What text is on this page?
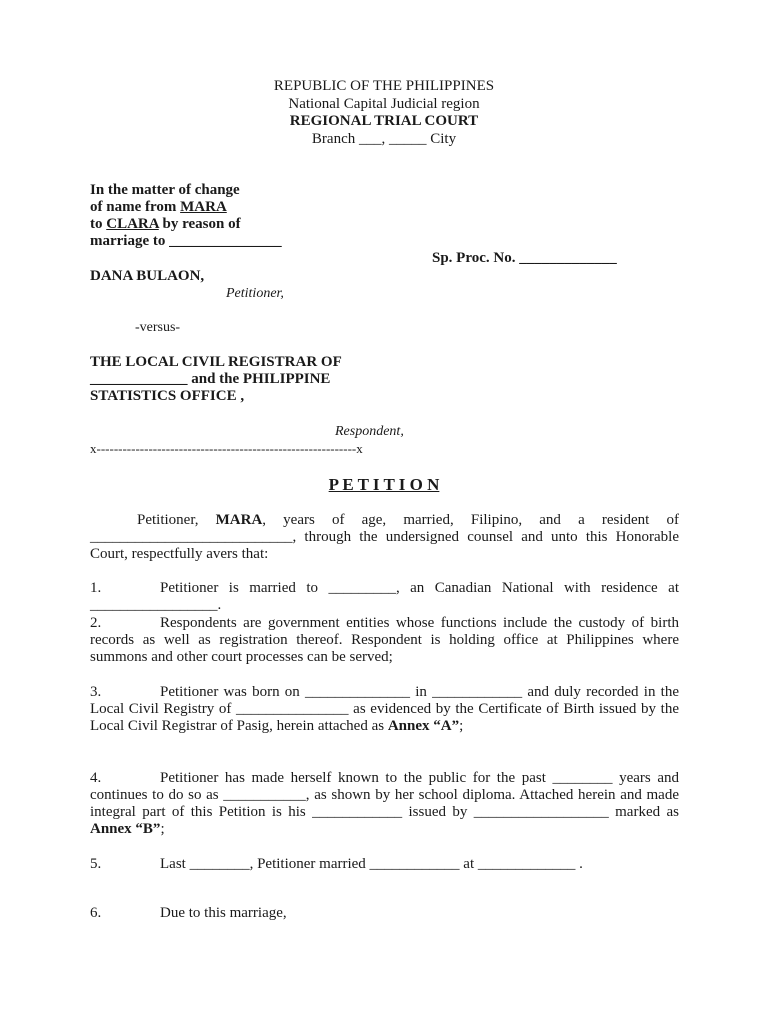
REPUBLIC OF THE PHILIPPINES
National Capital Judicial region
REGIONAL TRIAL COURT
Branch ___, _____ City
In the matter of change
of name from MARA
to CLARA by reason of
marriage to _______________
Sp. Proc. No. _____________
DANA BULAON,
Petitioner,
-versus-
THE LOCAL CIVIL REGISTRAR OF
_____________ and the PHILIPPINE
STATISTICS OFFICE ,
Respondent,
x------------------------------------------------------------x
P E T I T I O N
Petitioner, MARA, years of age, married, Filipino, and a resident of ___________________________, through the undersigned counsel and unto this Honorable Court, respectfully avers that:
1.	Petitioner is married to _________, an Canadian National with residence at _________________.
2.	Respondents are government entities whose functions include the custody of birth records as well as registration thereof. Respondent is holding office at Philippines where summons and other court processes can be served;
3.	Petitioner was born on ______________ in ____________ and duly recorded in the Local Civil Registry of _______________ as evidenced by the Certificate of Birth issued by the Local Civil Registrar of Pasig, herein attached as Annex “A”;
4.	Petitioner has made herself known to the public for the past ________ years and continues to do so as ___________, as shown by her school diploma. Attached herein and made integral part of this Petition is his ____________ issued by __________________ marked as Annex “B”;
5.	Last ________, Petitioner married ____________ at _____________ .
6.	Due to this marriage,
